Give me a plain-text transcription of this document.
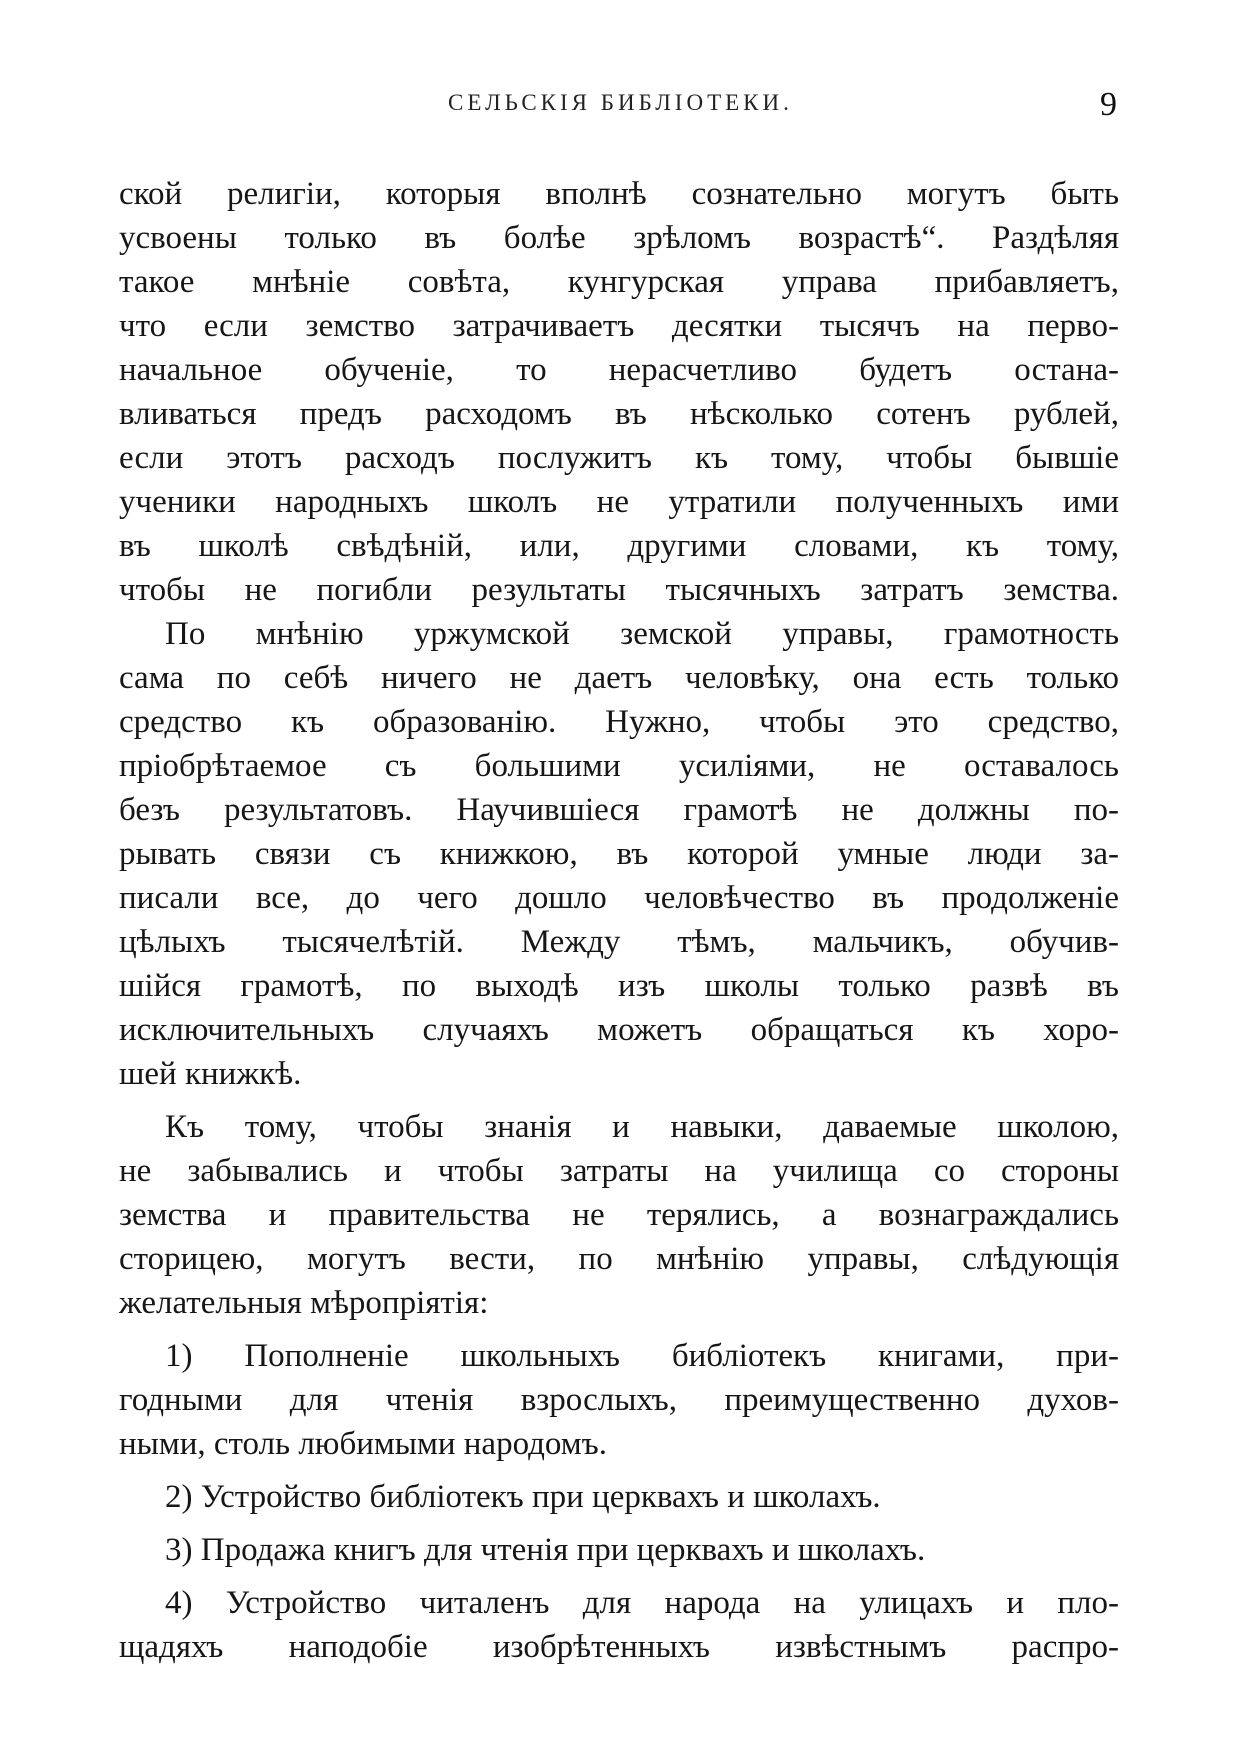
СЕЛЬСКІЯ БИБЛІОТЕКИ.	9
ской религіи, которыя вполнѣ сознательно могутъ быть
усвоены только въ болѣе зрѣломъ возрастѣ“. Раздѣляя
такое мнѣніе совѣта, кунгурская управа прибавляетъ,
что если земство затрачиваетъ десятки тысячъ на перво-
начальное обученіе, то нерасчетливо будетъ остана-
вливаться предъ расходомъ въ нѣсколько сотенъ рублей,
если этотъ расходъ послужитъ къ тому, чтобы бывшіе
ученики народныхъ школъ не утратили полученныхъ ими
въ школѣ свѣдѣній, или, другими словами, къ тому,
чтобы не погибли результаты тысячныхъ затратъ земства.
По мнѣнію уржумской земской управы, грамотность
сама по себѣ ничего не даетъ человѣку, она есть только
средство къ образованію. Нужно, чтобы это средство,
пріобрѣтаемое съ большими усиліями, не оставалось
безъ результатовъ. Научившіеся грамотѣ не должны по-
рывать связи съ книжкою, въ которой умные люди за-
писали все, до чего дошло человѣчество въ продолженіе
цѣлыхъ тысячелѣтій. Между тѣмъ, мальчикъ, обучив-
шійся грамотѣ, по выходѣ изъ школы только развѣ въ
исключительныхъ случаяхъ можетъ обращаться къ хоро-
шей книжкѣ.
Къ тому, чтобы знанія и навыки, даваемые школою,
не забывались и чтобы затраты на училища со стороны
земства и правительства не терялись, а вознаграждались
сторицею, могутъ вести, по мнѣнію управы, слѣдующія
желательныя мѣропріятія:
1) Пополненіе школьныхъ библіотекъ книгами, при-
годными для чтенія взрослыхъ, преимущественно духов-
ными, столь любимыми народомъ.
2) Устройство библіотекъ при церквахъ и школахъ.
3) Продажа книгъ для чтенія при церквахъ и школахъ.
4) Устройство читаленъ для народа на улицахъ и пло-
щадяхъ наподобіе изобрѣтенныхъ извѣстнымъ распро-
